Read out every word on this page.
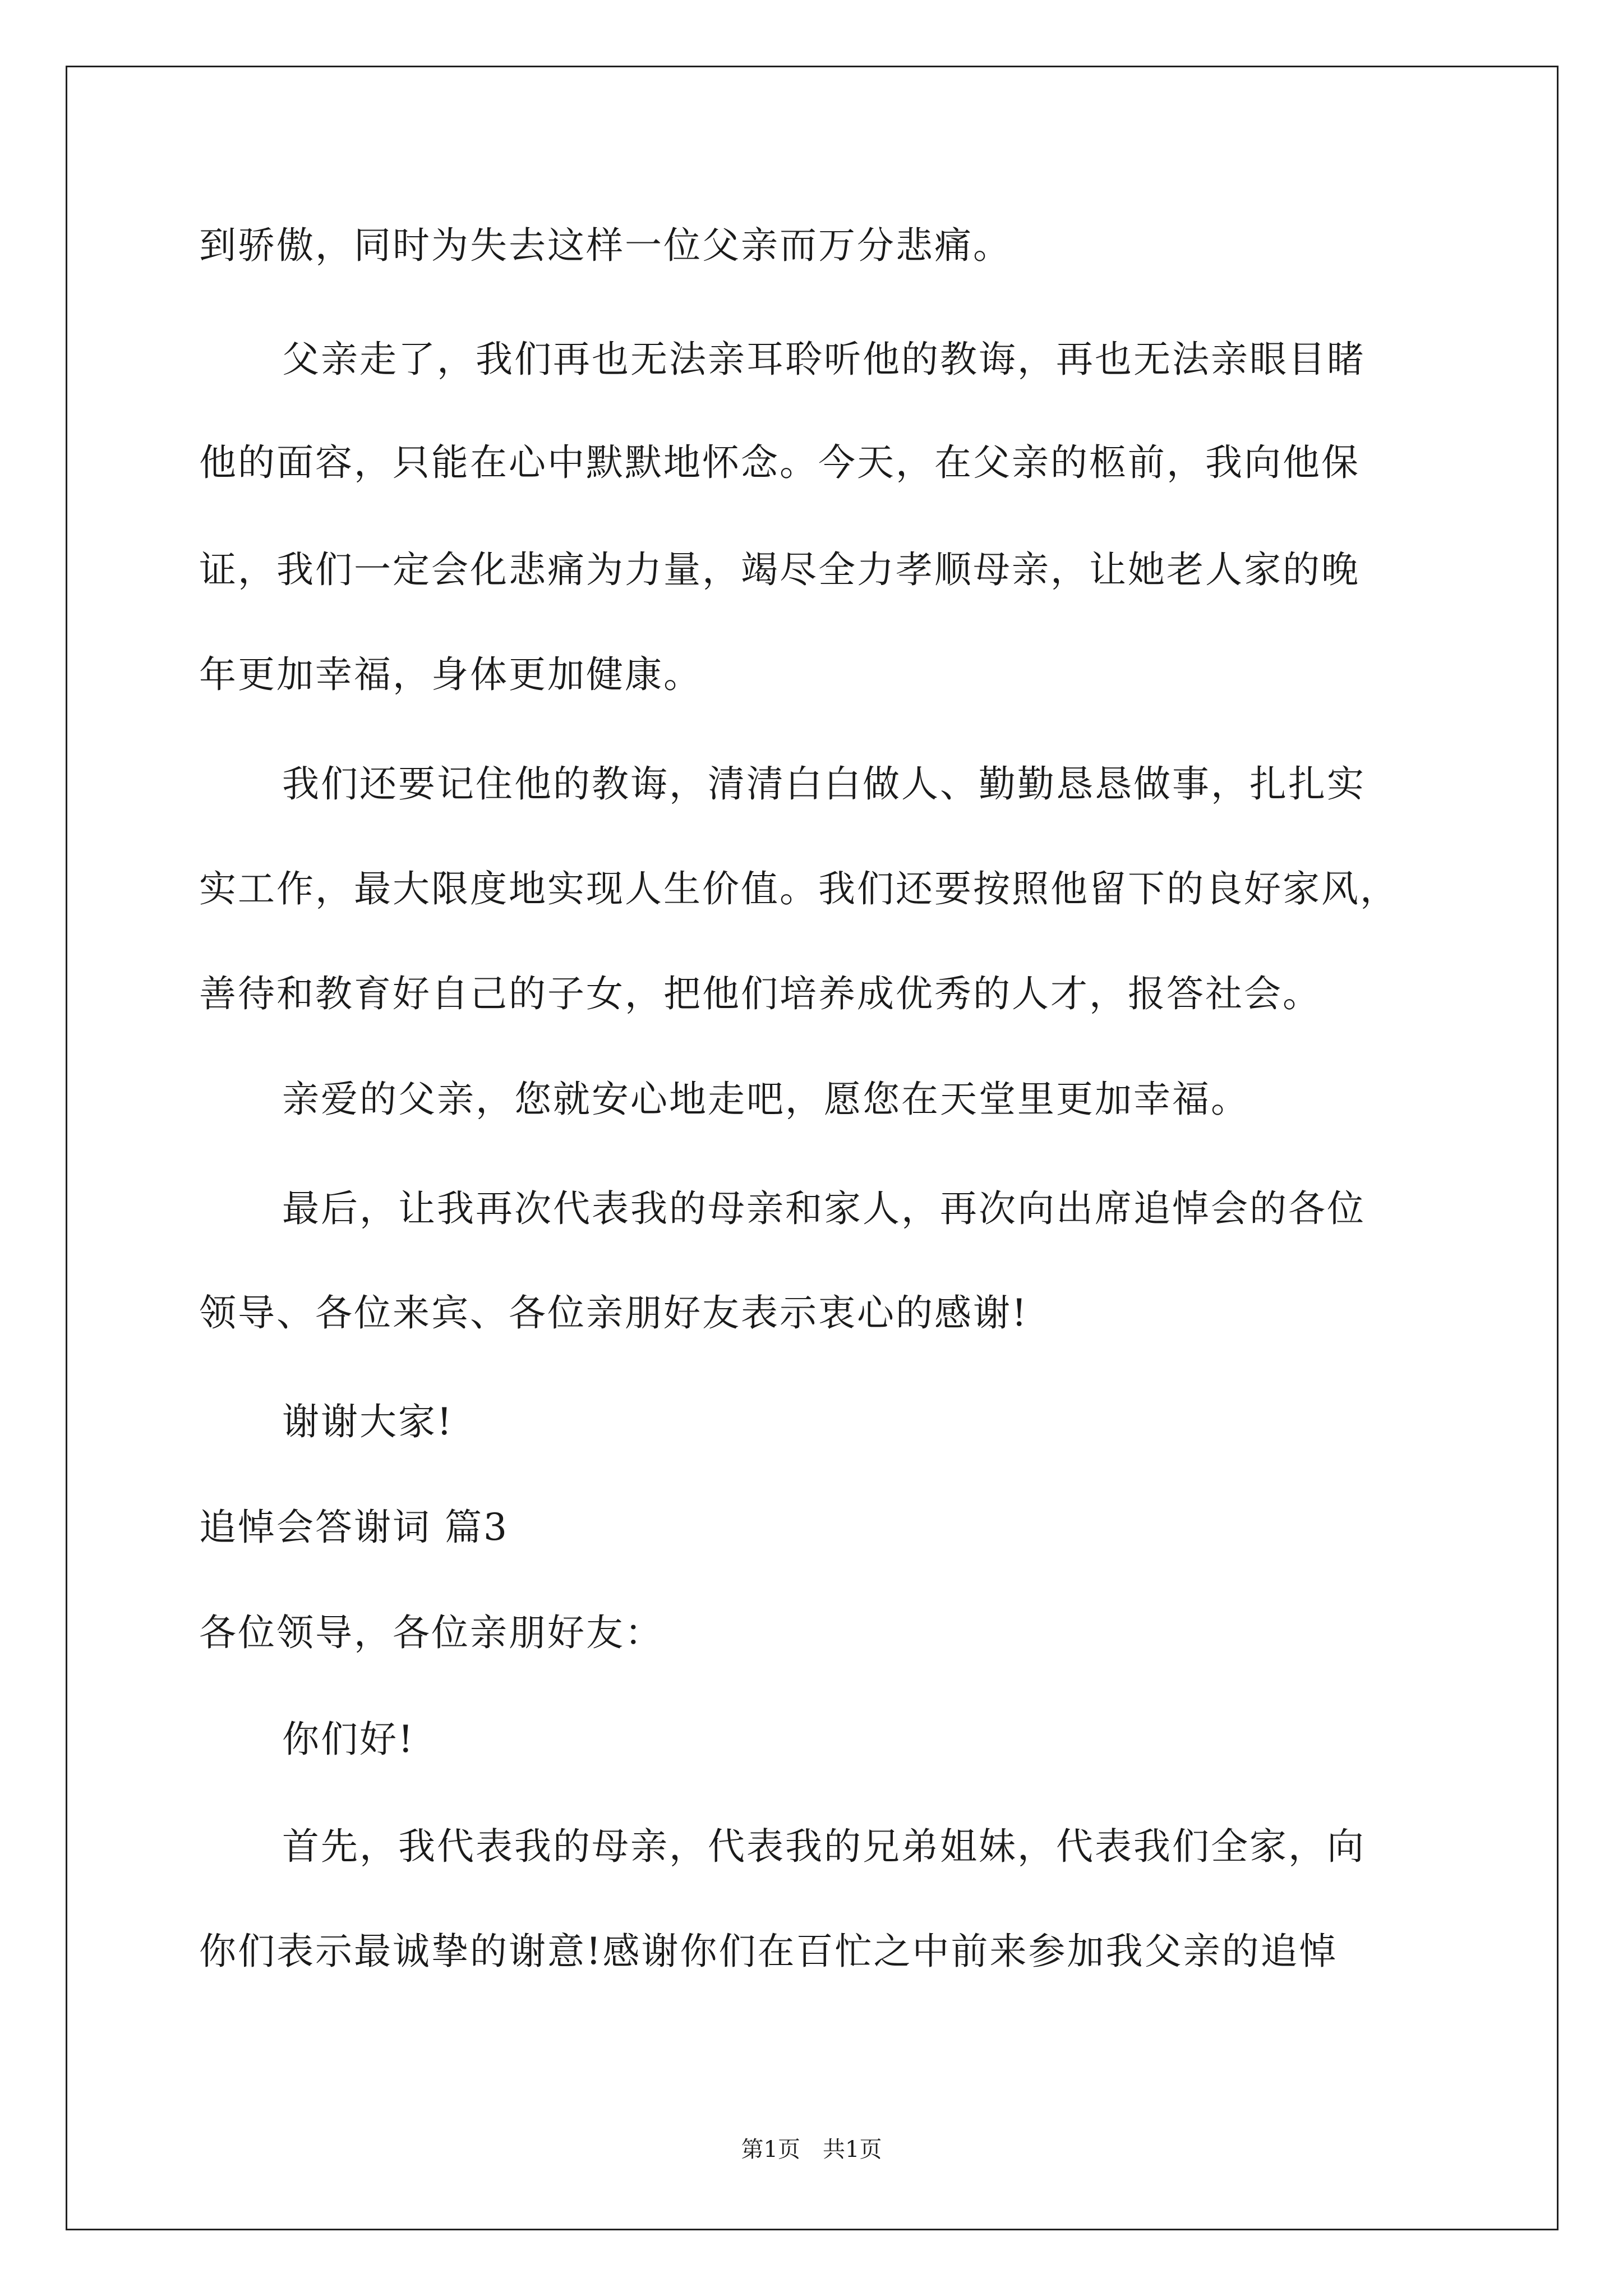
到骄傲，同时为失去这样一位父亲而万分悲痛。
父亲走了，我们再也无法亲耳聆听他的教诲，再也无法亲眼目睹
他的面容，只能在心中默默地怀念。今天，在父亲的柩前，我向他保
证，我们一定会化悲痛为力量，竭尽全力孝顺母亲，让她老人家的晚
年更加幸福，身体更加健康。
我们还要记住他的教诲，清清白白做人、勤勤恳恳做事，扎扎实
实工作，最大限度地实现人生价值。我们还要按照他留下的良好家风，
善待和教育好自己的子女，把他们培养成优秀的人才，报答社会。
亲爱的父亲，您就安心地走吧，愿您在天堂里更加幸福。
最后，让我再次代表我的母亲和家人，再次向出席追悼会的各位
领导、各位来宾、各位亲朋好友表示衷心的感谢!
谢谢大家!
追悼会答谢词 篇3
各位领导，各位亲朋好友：
你们好!
首先，我代表我的母亲，代表我的兄弟姐妹，代表我们全家，向
你们表示最诚挚的谢意!感谢你们在百忙之中前来参加我父亲的追悼
第1页　共1页
